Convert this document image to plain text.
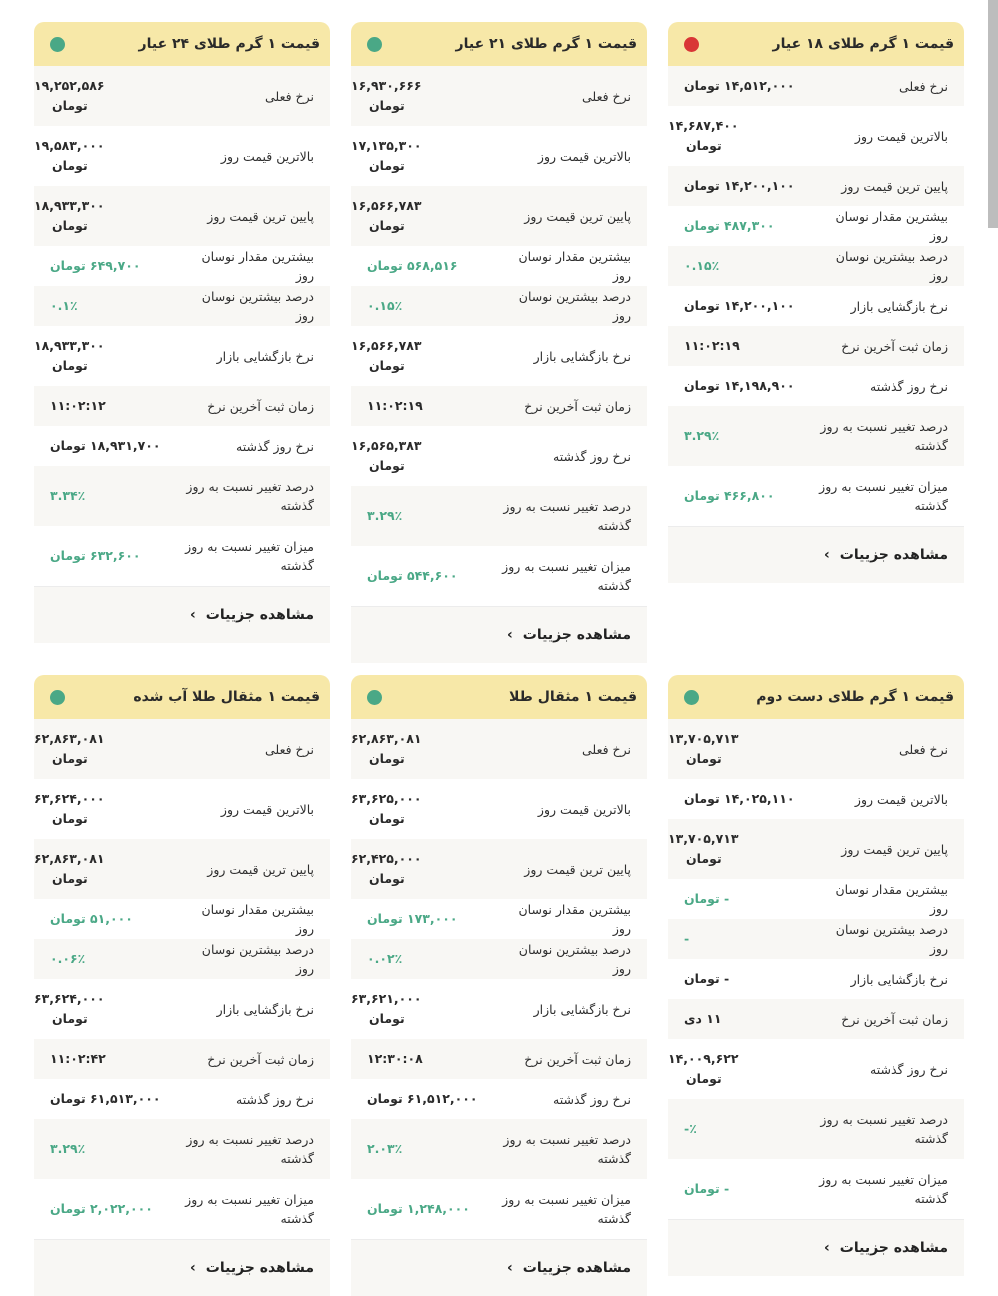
قیمت ۱ گرم طلای ۱۸ عیار
نرخ فعلی
۱۴,۵۱۲,۰۰۰ تومان
بالاترین قیمت روز
۱۴,۶۸۷,۴۰۰
تومان
پایین ترین قیمت روز
۱۴,۲۰۰,۱۰۰ تومان
بیشترین مقدار نوسان روز
۴۸۷,۳۰۰ تومان
درصد بیشترین نوسان روز
۰.۱۵٪
نرخ بازگشایی بازار
۱۴,۲۰۰,۱۰۰ تومان
زمان ثبت آخرین نرخ
۱۱:۰۲:۱۹
نرخ روز گذشته
۱۴,۱۹۸,۹۰۰ تومان
درصد تغییر نسبت به روز گذشته
۳.۲۹٪
میزان تغییر نسبت به روز گذشته
۴۶۶,۸۰۰ تومان
مشاهده جزییات
›
قیمت ۱ گرم طلای ۲۱ عیار
نرخ فعلی
۱۶,۹۳۰,۶۶۶
تومان
بالاترین قیمت روز
۱۷,۱۳۵,۳۰۰
تومان
پایین ترین قیمت روز
۱۶,۵۶۶,۷۸۳
تومان
بیشترین مقدار نوسان روز
۵۶۸,۵۱۶ تومان
درصد بیشترین نوسان روز
۰.۱۵٪
نرخ بازگشایی بازار
۱۶,۵۶۶,۷۸۳
تومان
زمان ثبت آخرین نرخ
۱۱:۰۲:۱۹
نرخ روز گذشته
۱۶,۵۶۵,۳۸۳
تومان
درصد تغییر نسبت به روز گذشته
۳.۲۹٪
میزان تغییر نسبت به روز گذشته
۵۴۴,۶۰۰ تومان
مشاهده جزییات
›
قیمت ۱ گرم طلای ۲۴ عیار
نرخ فعلی
۱۹,۲۵۲,۵۸۶
تومان
بالاترین قیمت روز
۱۹,۵۸۳,۰۰۰
تومان
پایین ترین قیمت روز
۱۸,۹۳۳,۳۰۰
تومان
بیشترین مقدار نوسان روز
۶۴۹,۷۰۰ تومان
درصد بیشترین نوسان روز
۰.۱٪
نرخ بازگشایی بازار
۱۸,۹۳۳,۳۰۰
تومان
زمان ثبت آخرین نرخ
۱۱:۰۲:۱۲
نرخ روز گذشته
۱۸,۹۳۱,۷۰۰ تومان
درصد تغییر نسبت به روز گذشته
۳.۳۴٪
میزان تغییر نسبت به روز گذشته
۶۳۲,۶۰۰ تومان
مشاهده جزییات
›
قیمت ۱ گرم طلای دست دوم
نرخ فعلی
۱۳,۷۰۵,۷۱۳
تومان
بالاترین قیمت روز
۱۴,۰۲۵,۱۱۰ تومان
پایین ترین قیمت روز
۱۳,۷۰۵,۷۱۳
تومان
بیشترین مقدار نوسان روز
- تومان
درصد بیشترین نوسان روز
-
نرخ بازگشایی بازار
- تومان
زمان ثبت آخرین نرخ
۱۱ دی
نرخ روز گذشته
۱۴,۰۰۹,۶۲۲
تومان
درصد تغییر نسبت به روز گذشته
٪-
میزان تغییر نسبت به روز گذشته
- تومان
مشاهده جزییات
›
قیمت ۱ مثقال طلا
نرخ فعلی
۶۲,۸۶۳,۰۸۱
تومان
بالاترین قیمت روز
۶۳,۶۲۵,۰۰۰
تومان
پایین ترین قیمت روز
۶۲,۴۲۵,۰۰۰
تومان
بیشترین مقدار نوسان روز
۱۷۳,۰۰۰ تومان
درصد بیشترین نوسان روز
۰.۰۲٪
نرخ بازگشایی بازار
۶۳,۶۲۱,۰۰۰
تومان
زمان ثبت آخرین نرخ
۱۲:۳۰:۰۸
نرخ روز گذشته
۶۱,۵۱۲,۰۰۰ تومان
درصد تغییر نسبت به روز گذشته
۲.۰۳٪
میزان تغییر نسبت به روز گذشته
۱,۲۴۸,۰۰۰ تومان
مشاهده جزییات
›
قیمت ۱ مثقال طلا آب شده
نرخ فعلی
۶۲,۸۶۳,۰۸۱
تومان
بالاترین قیمت روز
۶۳,۶۲۴,۰۰۰
تومان
پایین ترین قیمت روز
۶۲,۸۶۳,۰۸۱
تومان
بیشترین مقدار نوسان روز
۵۱,۰۰۰ تومان
درصد بیشترین نوسان روز
۰.۰۶٪
نرخ بازگشایی بازار
۶۳,۶۲۴,۰۰۰
تومان
زمان ثبت آخرین نرخ
۱۱:۰۲:۴۲
نرخ روز گذشته
۶۱,۵۱۳,۰۰۰ تومان
درصد تغییر نسبت به روز گذشته
۳.۲۹٪
میزان تغییر نسبت به روز گذشته
۲,۰۲۲,۰۰۰ تومان
مشاهده جزییات
›
